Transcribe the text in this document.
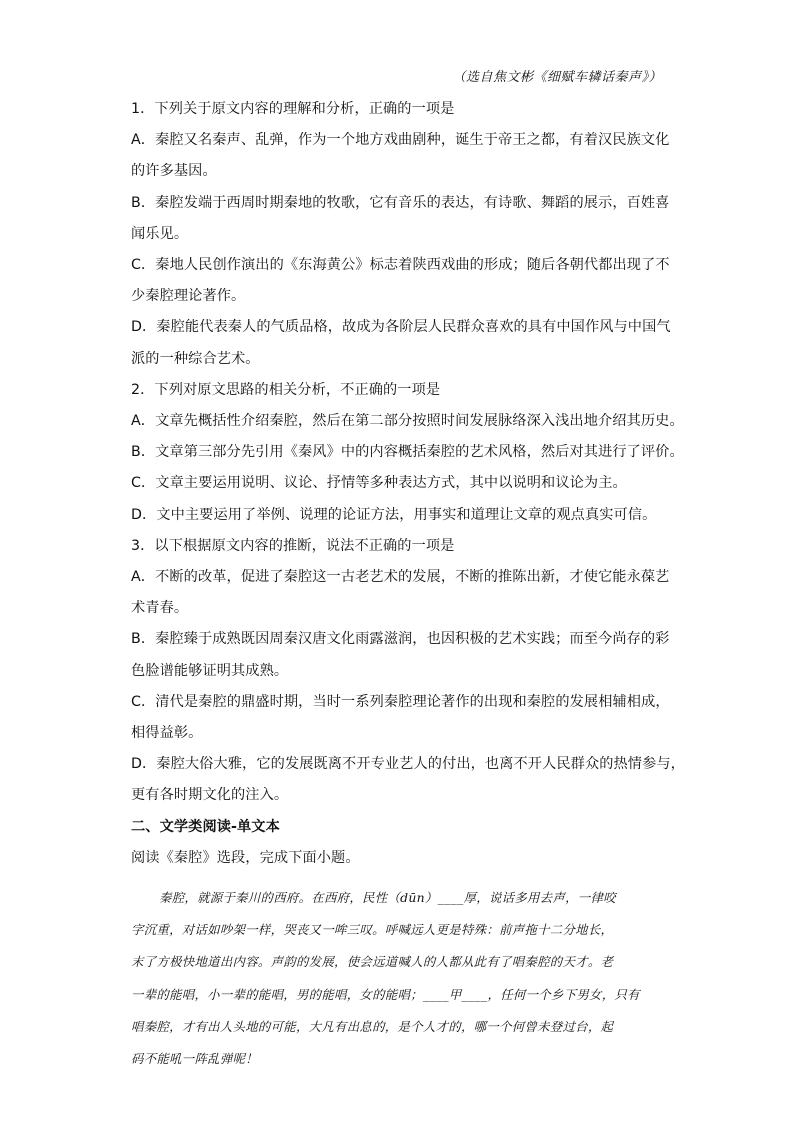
（选自焦文彬《细赋车辚话秦声》）
1．下列关于原文内容的理解和分析，正确的一项是
A．秦腔又名秦声、乱弹，作为一个地方戏曲剧种，诞生于帝王之都，有着汉民族文化
的许多基因。
B．秦腔发端于西周时期秦地的牧歌，它有音乐的表达，有诗歌、舞蹈的展示，百姓喜
闻乐见。
C．秦地人民创作演出的《东海黄公》标志着陕西戏曲的形成；随后各朝代都出现了不
少秦腔理论著作。
D．秦腔能代表秦人的气质品格，故成为各阶层人民群众喜欢的具有中国作风与中国气
派的一种综合艺术。
2．下列对原文思路的相关分析，不正确的一项是
A．文章先概括性介绍秦腔，然后在第二部分按照时间发展脉络深入浅出地介绍其历史。
B．文章第三部分先引用《秦风》中的内容概括秦腔的艺术风格，然后对其进行了评价。
C．文章主要运用说明、议论、抒情等多种表达方式，其中以说明和议论为主。
D．文中主要运用了举例、说理的论证方法，用事实和道理让文章的观点真实可信。
3．以下根据原文内容的推断，说法不正确的一项是
A．不断的改革，促进了秦腔这一古老艺术的发展，不断的推陈出新，才使它能永葆艺
术青春。
B．秦腔臻于成熟既因周秦汉唐文化雨露滋润，也因积极的艺术实践；而至今尚存的彩
色脸谱能够证明其成熟。
C．清代是秦腔的鼎盛时期，当时一系列秦腔理论著作的出现和秦腔的发展相辅相成，
相得益彰。
D．秦腔大俗大雅，它的发展既离不开专业艺人的付出，也离不开人民群众的热情参与，
更有各时期文化的注入。
二、文学类阅读-单文本
阅读《秦腔》选段，完成下面小题。
秦腔，就源于秦川的西府。在西府，民性（dūn）____厚，说话多用去声，一律咬
字沉重，对话如吵架一样，哭丧又一哞三叹。呼喊远人更是特殊：前声拖十二分地长，
末了方极快地道出内容。声韵的发展，使会远道喊人的人都从此有了唱秦腔的天才。老
一辈的能唱，小一辈的能唱，男的能唱，女的能唱；____甲____，任何一个乡下男女，只有
唱秦腔，才有出人头地的可能，大凡有出息的，是个人才的，哪一个何曾未登过台，起
码不能吼一阵乱弹呢！
